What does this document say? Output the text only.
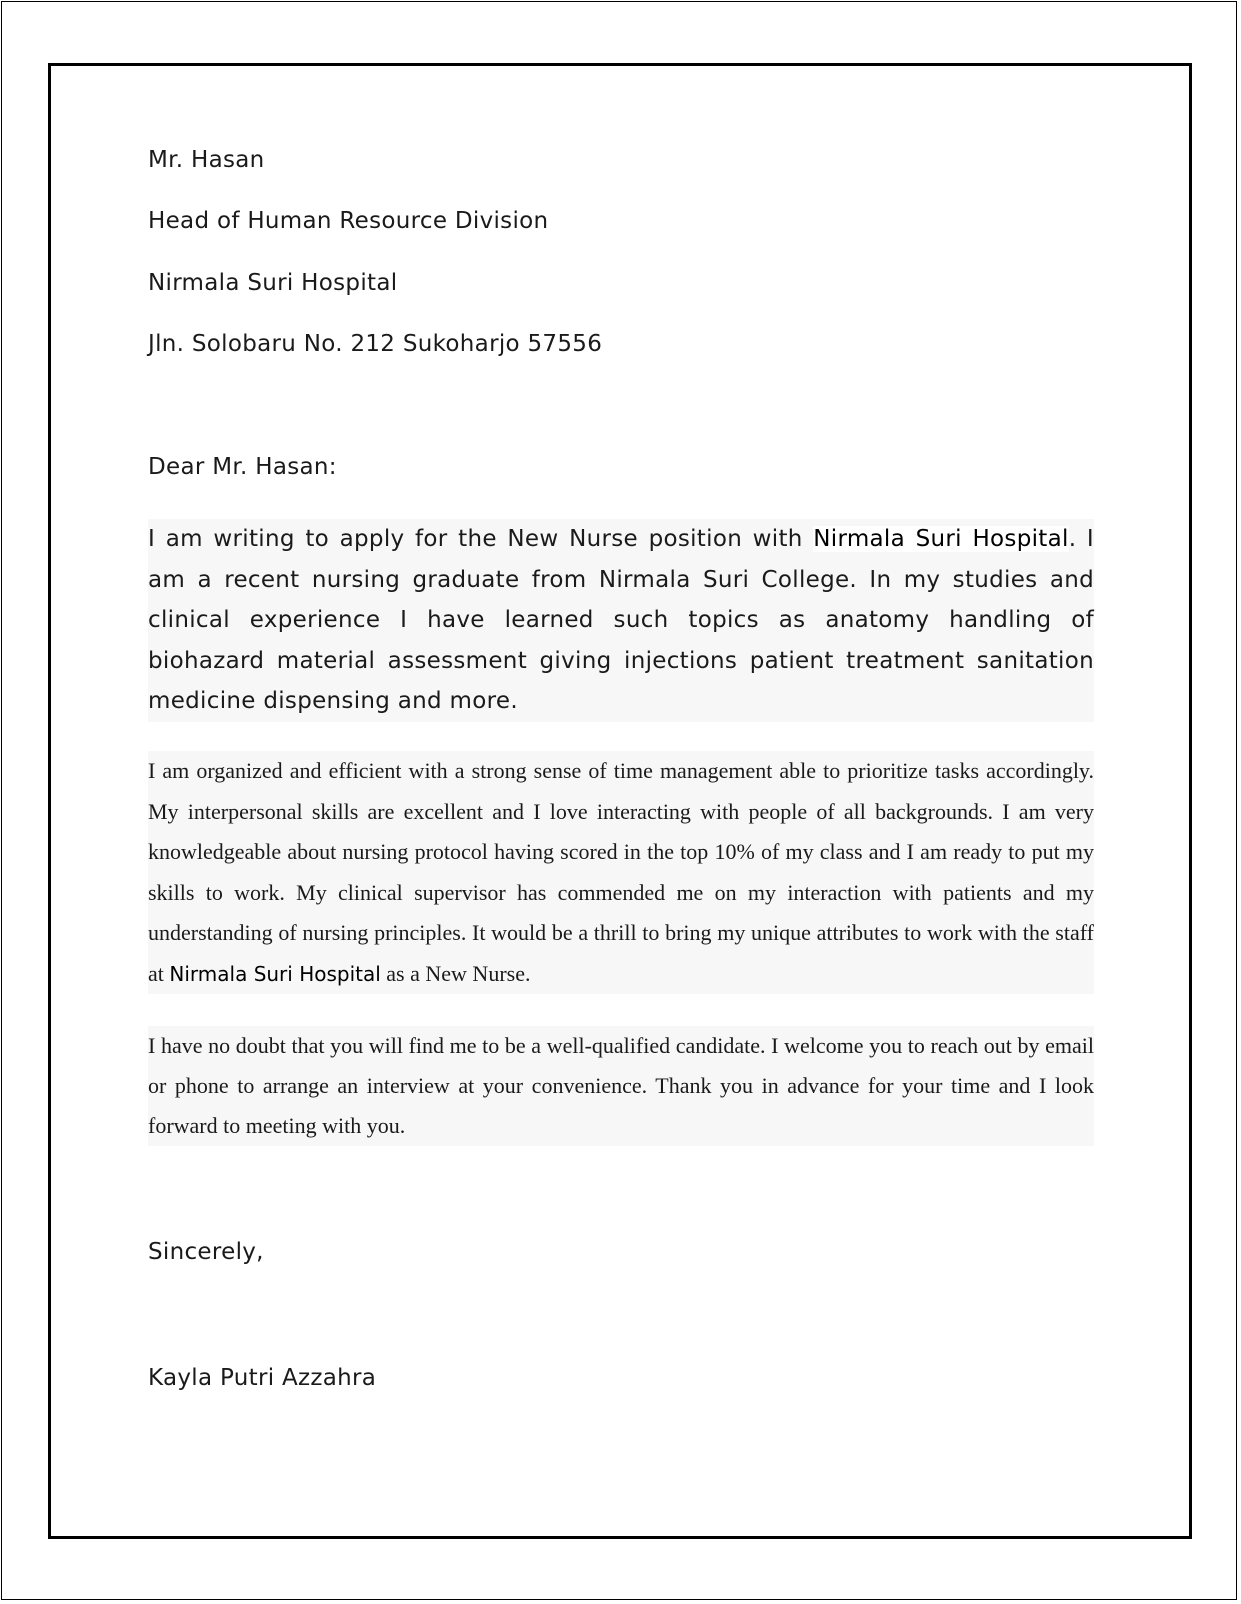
Mr. Hasan

Head of Human Resource Division

Nirmala Suri Hospital

Jln. Solobaru No. 212 Sukoharjo 57556

Dear Mr. Hasan:

I am writing to apply for the New Nurse position with Nirmala Suri Hospital. I am a recent nursing graduate from Nirmala Suri College. In my studies and clinical experience I have learned such topics as anatomy handling of biohazard material assessment giving injections patient treatment sanitation medicine dispensing and more.

I am organized and efficient with a strong sense of time management able to prioritize tasks accordingly. My interpersonal skills are excellent and I love interacting with people of all backgrounds. I am very knowledgeable about nursing protocol having scored in the top 10% of my class and I am ready to put my skills to work. My clinical supervisor has commended me on my interaction with patients and my understanding of nursing principles. It would be a thrill to bring my unique attributes to work with the staff at Nirmala Suri Hospital as a New Nurse.

I have no doubt that you will find me to be a well-qualified candidate. I welcome you to reach out by email or phone to arrange an interview at your convenience. Thank you in advance for your time and I look forward to meeting with you.

Sincerely,

Kayla Putri Azzahra
